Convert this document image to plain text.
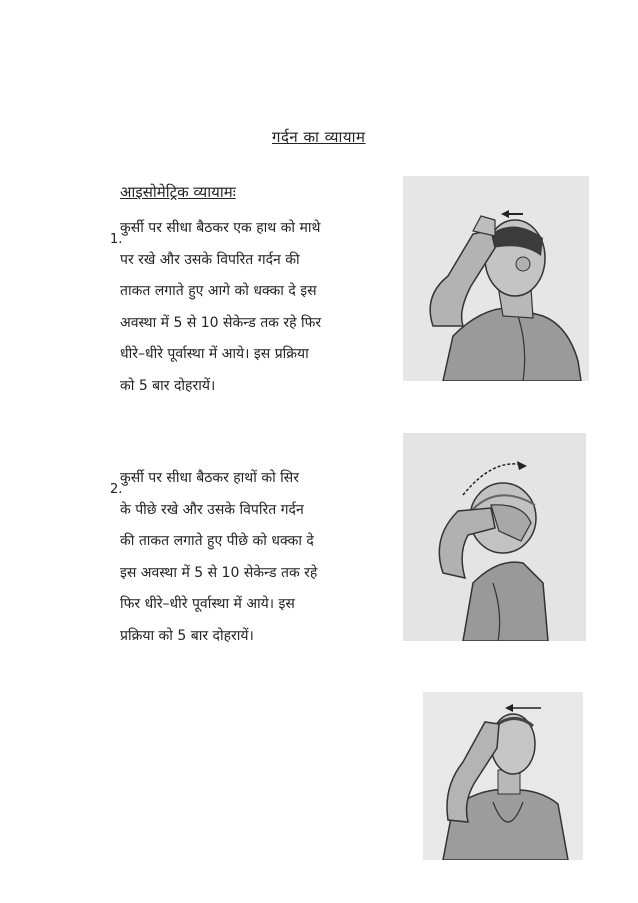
गर्दन का व्यायाम
आइसोमेट्रिक व्यायामः
1.
कुर्सी पर सीधा बैठकर एक हाथ को माथे
पर रखे और उसके विपरित गर्दन की
ताकत लगाते हुए आगे को धक्का दे इस
अवस्था में 5 से 10 सेकेन्ड तक रहे फिर
धीरे–धीरे पूर्वास्था में आये। इस प्रक्रिया
को 5 बार दोहरायें।
2.
कुर्सी पर सीधा बैठकर हाथों को सिर
के पीछे रखे और उसके विपरित गर्दन
की ताकत लगाते हुए पीछे को धक्का दे
इस अवस्था में 5 से 10 सेकेन्ड तक रहे
फिर धीरे–धीरे पूर्वास्था में आये। इस
प्रक्रिया को 5 बार दोहरायें।
